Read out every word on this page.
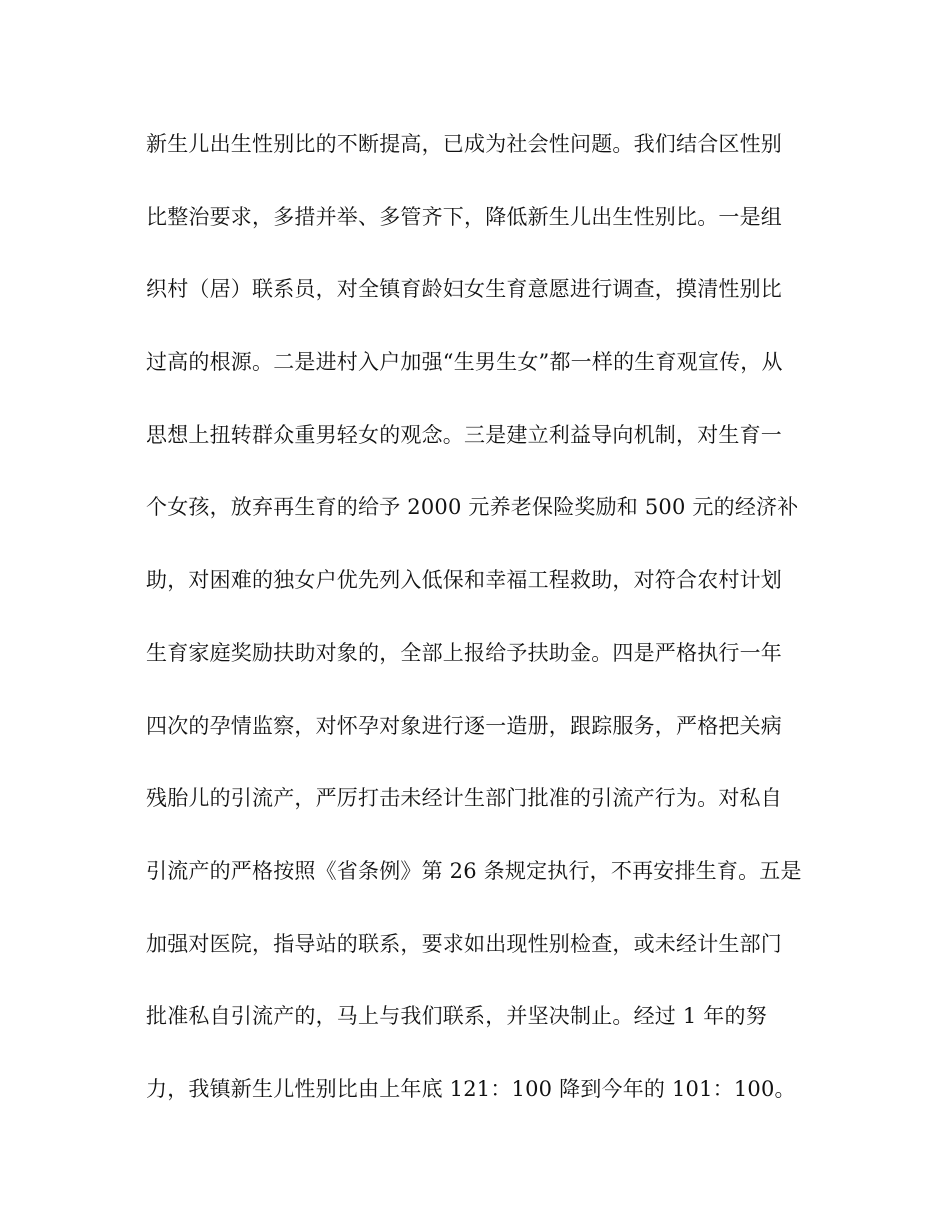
新生儿出生性别比的不断提高，已成为社会性问题。我们结合区性别
比整治要求，多措并举、多管齐下，降低新生儿出生性别比。一是组
织村（居）联系员，对全镇育龄妇女生育意愿进行调查，摸清性别比
过高的根源。二是进村入户加强“生男生女”都一样的生育观宣传，从
思想上扭转群众重男轻女的观念。三是建立利益导向机制，对生育一
个女孩，放弃再生育的给予 2000 元养老保险奖励和 500 元的经济补
助，对困难的独女户优先列入低保和幸福工程救助，对符合农村计划
生育家庭奖励扶助对象的，全部上报给予扶助金。四是严格执行一年
四次的孕情监察，对怀孕对象进行逐一造册，跟踪服务，严格把关病
残胎儿的引流产，严厉打击未经计生部门批准的引流产行为。对私自
引流产的严格按照《省条例》第 26 条规定执行，不再安排生育。五是
加强对医院，指导站的联系，要求如出现性别检查，或未经计生部门
批准私自引流产的，马上与我们联系，并坚决制止。经过 1 年的努
力，我镇新生儿性别比由上年底 121：100 降到今年的 101：100。
